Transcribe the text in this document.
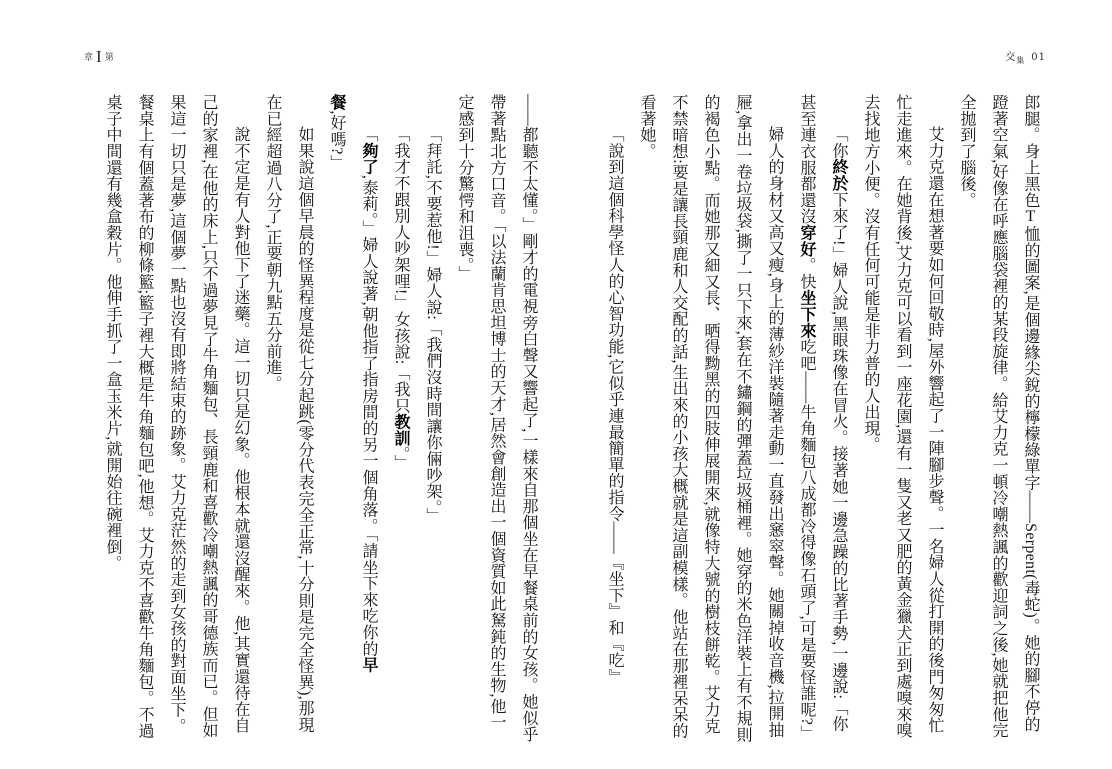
章 I 第

——都聽不太懂。」剛才的電視旁白聲又響起了,一樣來自那個坐在早餐桌前的女孩。她似乎帶著點北方口音。「以法蘭肯思坦博士的天才,居然會創造出一個資質如此駑鈍的生物,他一定感到十分驚愕和沮喪。」

「拜託,不要惹他!」婦人說:「我們沒時間讓你倆吵架。」

「我才不跟別人吵架哩!」女孩說:「我只教訓。」

「夠了,泰莉。」婦人說著,朝他指了指房間的另一個角落。「請坐下來吃你的早餐,好嗎?」

如果說這個早晨的怪異程度是從七分起跳(零分代表完全正常,十分則是完全怪異),那現在已經超過八分了,正要朝九點五分前進。

說不定是有人對他下了迷藥。這一切只是幻象。他根本就還沒醒來。他,其實還待在自己的家裡,在他的床上,只不過夢見了牛角麵包、長頸鹿和喜歡冷嘲熱諷的哥德族而已。但如果這一切只是夢,這個夢一點也沒有即將結束的跡象。艾力克茫然的走到女孩的對面坐下。餐桌上有個蓋著布的柳條籃;籃子裡大概是牛角麵包吧,他想。艾力克不喜歡牛角麵包。不過桌子中間還有幾盒穀片。他伸手抓了一盒玉米片,就開始往碗裡倒。

交$_集$ 01

郎腿。身上黑色T恤的圖案,是個邊緣尖銳的檸檬綠單字——Serpent(毒蛇)。她的腳不停的蹬著空氣,好像在呼應腦袋裡的某段旋律。給艾力克一頓冷嘲熱諷的歡迎詞之後,她就把他完全拋到了腦後。

艾力克還在想著要如何回敬時,屋外響起了一陣腳步聲。一名婦人從打開的後門匆匆忙忙走進來。在她背後,艾力克可以看到一座花園,還有一隻又老又肥的黃金獵犬正到處嗅來嗅去找地方小便。沒有任何可能是非力普的人出現。

「你終於下來了!」婦人說,黑眼珠像在冒火。接著她一邊急躁的比著手勢,一邊說:「你甚至連衣服都還沒穿好。快坐下來吃吧——牛角麵包八成都冷得像石頭了,可是要怪誰呢?」

婦人的身材又高又瘦,身上的薄紗洋裝隨著走動一直發出窸窣聲。她關掉收音機,拉開抽屜,拿出一卷垃圾袋,撕了一只下來,套在不鏽鋼的彈蓋垃圾桶裡。她穿的米色洋裝上有不規則的褐色小點。而她那又細又長、晒得黝黑的四肢伸展開來,就像特大號的樹枝餅乾。艾力克不禁暗想:要是讓長頸鹿和人交配的話,生出來的小孩大概就是這副模樣。他站在那裡呆呆的看著她。

「說到這個科學怪人的心智功能,它似乎連最簡單的指令——『坐下』和『吃』
